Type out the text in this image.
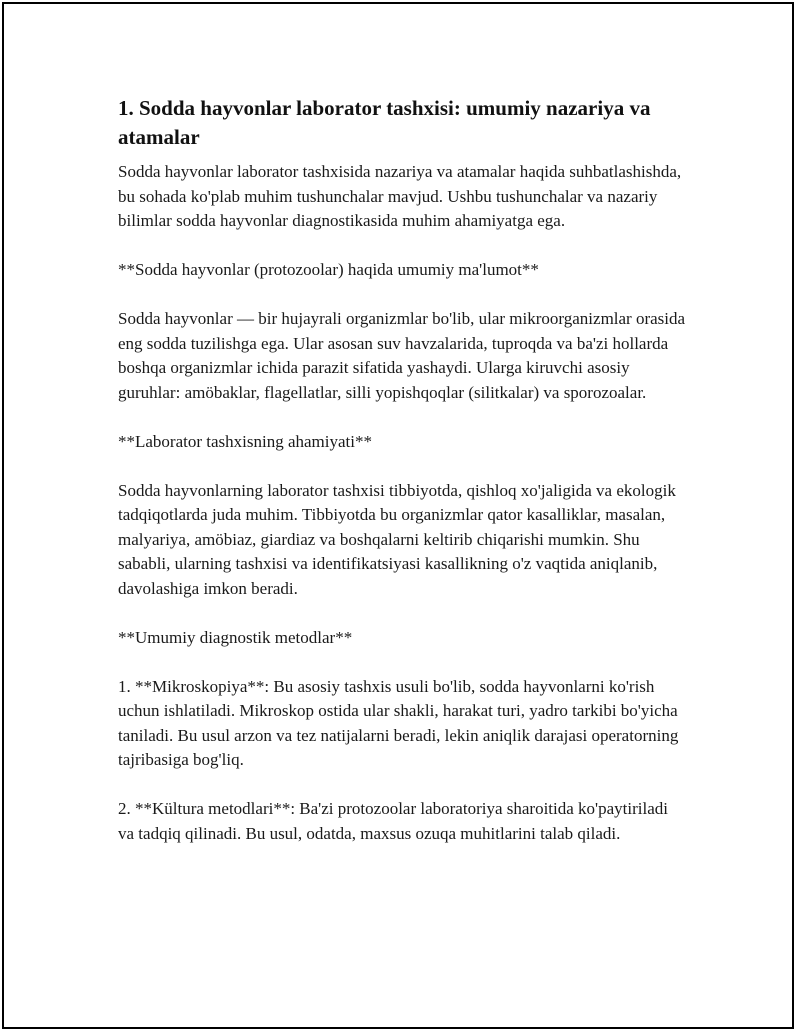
1. Sodda hayvonlar laborator tashxisi: umumiy nazariya va atamalar

Sodda hayvonlar laborator tashxisida nazariya va atamalar haqida suhbatlashishda, bu sohada ko'plab muhim tushunchalar mavjud. Ushbu tushunchalar va nazariy bilimlar sodda hayvonlar diagnostikasida muhim ahamiyatga ega.

**Sodda hayvonlar (protozoolar) haqida umumiy ma'lumot**

Sodda hayvonlar — bir hujayrali organizmlar bo'lib, ular mikroorganizmlar orasida eng sodda tuzilishga ega. Ular asosan suv havzalarida, tuproqda va ba'zi hollarda boshqa organizmlar ichida parazit sifatida yashaydi. Ularga kiruvchi asosiy guruhlar: amöbaklar, flagellatlar, silli yopishqoqlar (silitkalar) va sporozoalar.

**Laborator tashxisning ahamiyati**

Sodda hayvonlarning laborator tashxisi tibbiyotda, qishloq xo'jaligida va ekologik tadqiqotlarda juda muhim. Tibbiyotda bu organizmlar qator kasalliklar, masalan, malyariya, amöbiaz, giardiaz va boshqalarni keltirib chiqarishi mumkin. Shu sababli, ularning tashxisi va identifikatsiyasi kasallikning o'z vaqtida aniqlanib, davolashiga imkon beradi.

**Umumiy diagnostik metodlar**

1. **Mikroskopiya**: Bu asosiy tashxis usuli bo'lib, sodda hayvonlarni ko'rish uchun ishlatiladi. Mikroskop ostida ular shakli, harakat turi, yadro tarkibi bo'yicha taniladi. Bu usul arzon va tez natijalarni beradi, lekin aniqlik darajasi operatorning tajribasiga bog'liq.

2. **Kültura metodlari**: Ba'zi protozoolar laboratoriya sharoitida ko'paytiriladi va tadqiq qilinadi. Bu usul, odatda, maxsus ozuqa muhitlarini talab qiladi.
